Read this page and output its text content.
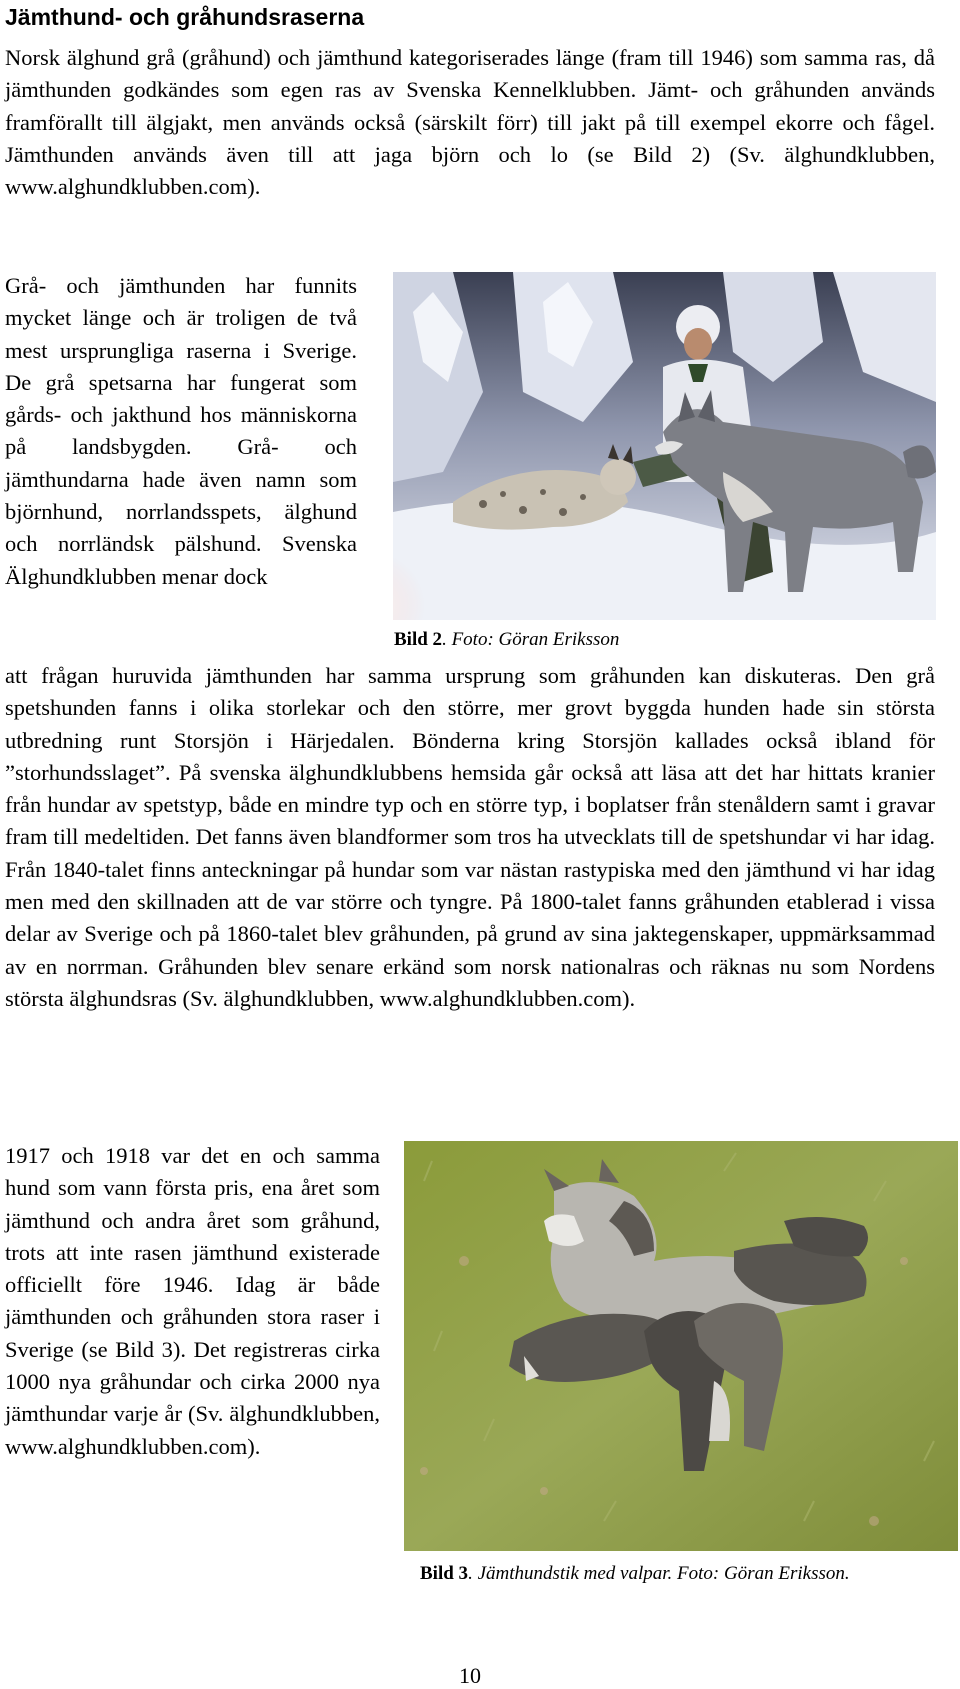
Jämthund- och gråhundsraserna

Norsk älghund grå (gråhund) och jämthund kategoriserades länge (fram till 1946) som samma ras, då jämthunden godkändes som egen ras av Svenska Kennelklubben. Jämt- och gråhunden används framförallt till älgjakt, men används också (särskilt förr) till jakt på till exempel ekorre och fågel. Jämthunden används även till att jaga björn och lo (se Bild 2) (Sv. älghundklubben, www.alghundklubben.com).

Grå- och jämthunden har funnits mycket länge och är troligen de två mest ursprungliga raserna i Sverige. De grå spetsarna har fungerat som gårds- och jakthund hos människorna på landsbygden. Grå- och jämthundarna hade även namn som björnhund, norrlandsspets, älghund och norrländsk pälshund. Svenska Älghundklubben menar dock

Bild 2. Foto: Göran Eriksson

att frågan huruvida jämthunden har samma ursprung som gråhunden kan diskuteras. Den grå spetshunden fanns i olika storlekar och den större, mer grovt byggda hunden hade sin största utbredning runt Storsjön i Härjedalen. Bönderna kring Storsjön kallades också ibland för ”storhundsslaget”. På svenska älghundklubbens hemsida går också att läsa att det har hittats kranier från hundar av spetstyp, både en mindre typ och en större typ, i boplatser från stenåldern samt i gravar fram till medeltiden. Det fanns även blandformer som tros ha utvecklats till de spetshundar vi har idag. Från 1840-talet finns anteckningar på hundar som var nästan rastypiska med den jämthund vi har idag men med den skillnaden att de var större och tyngre. På 1800-talet fanns gråhunden etablerad i vissa delar av Sverige och på 1860-talet blev gråhunden, på grund av sina jaktegenskaper, uppmärksammad av en norrman. Gråhunden blev senare erkänd som norsk nationalras och räknas nu som Nordens största älghundsras (Sv. älghundklubben, www.alghundklubben.com).

1917 och 1918 var det en och samma hund som vann första pris, ena året som jämthund och andra året som gråhund, trots att inte rasen jämthund existerade officiellt före 1946. Idag är både jämthunden och gråhunden stora raser i Sverige (se Bild 3). Det registreras cirka 1000 nya gråhundar och cirka 2000 nya jämthundar varje år (Sv. älghundklubben, www.alghundklubben.com).

Bild 3. Jämthundstik med valpar. Foto: Göran Eriksson.
10
